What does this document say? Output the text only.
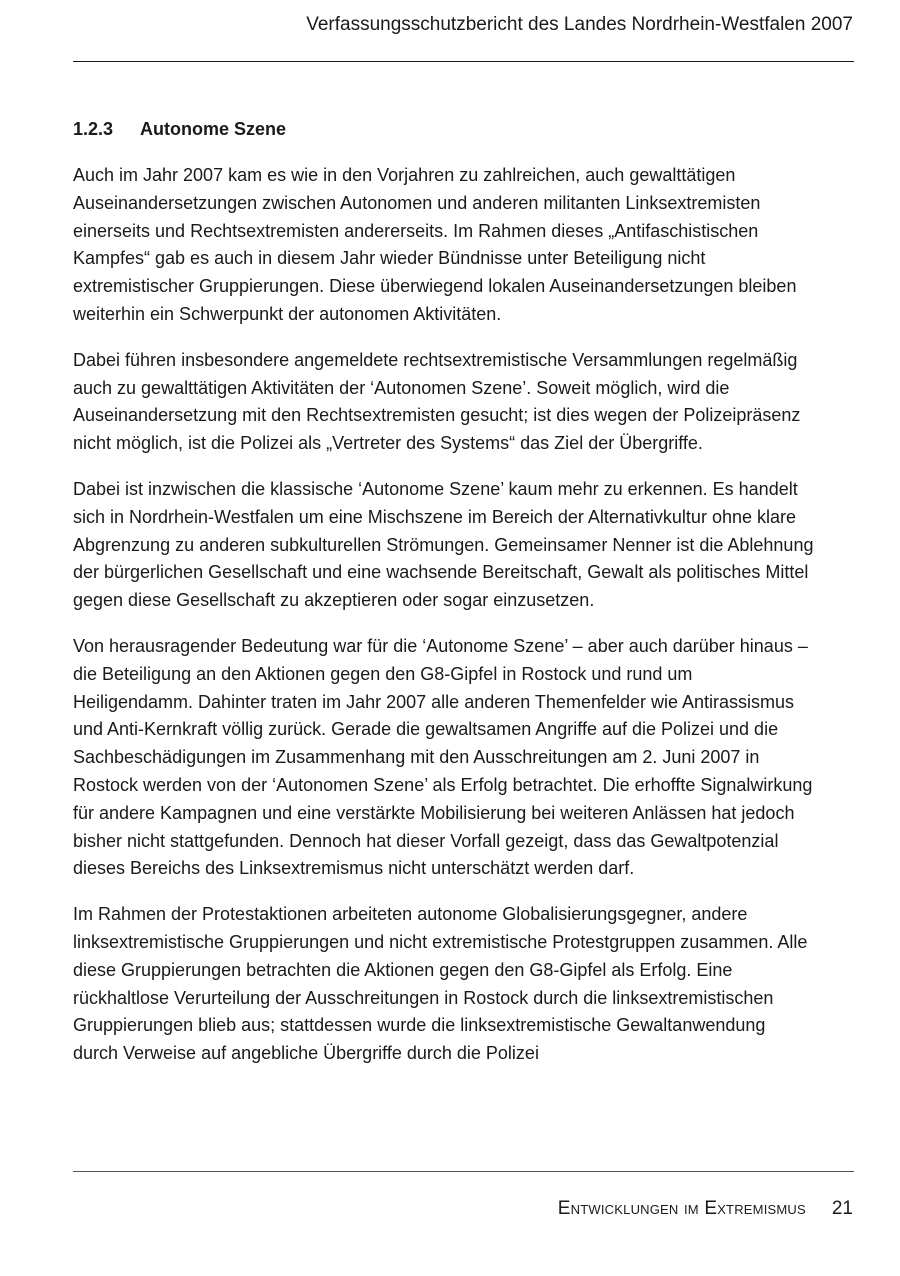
Verfassungsschutzbericht des Landes Nordrhein-Westfalen 2007
1.2.3 Autonome Szene

Auch im Jahr 2007 kam es wie in den Vorjahren zu zahlreichen, auch gewalttätigen Auseinandersetzungen zwischen Autonomen und anderen militanten Linksextremisten einerseits und Rechtsextremisten andererseits. Im Rahmen dieses „Antifaschistischen Kampfes“ gab es auch in diesem Jahr wieder Bündnisse unter Beteiligung nicht extremistischer Gruppierungen. Diese überwiegend lokalen Auseinandersetzungen bleiben weiterhin ein Schwerpunkt der autonomen Aktivitäten.

Dabei führen insbesondere angemeldete rechtsextremistische Versammlungen regelmäßig auch zu gewalttätigen Aktivitäten der ‘Autonomen Szene’. Soweit möglich, wird die Auseinandersetzung mit den Rechtsextremisten gesucht; ist dies wegen der Polizeipräsenz nicht möglich, ist die Polizei als „Vertreter des Systems“ das Ziel der Übergriffe.

Dabei ist inzwischen die klassische ‘Autonome Szene’ kaum mehr zu erkennen. Es handelt sich in Nordrhein-Westfalen um eine Mischszene im Bereich der Alternativkultur ohne klare Abgrenzung zu anderen subkulturellen Strömungen. Gemeinsamer Nenner ist die Ablehnung der bürgerlichen Gesellschaft und eine wachsende Bereitschaft, Gewalt als politisches Mittel gegen diese Gesellschaft zu akzeptieren oder sogar einzusetzen.

Von herausragender Bedeutung war für die ‘Autonome Szene’ – aber auch darüber hinaus – die Beteiligung an den Aktionen gegen den G8-Gipfel in Rostock und rund um Heiligendamm. Dahinter traten im Jahr 2007 alle anderen Themenfelder wie Antirassismus und Anti-Kernkraft völlig zurück. Gerade die gewaltsamen Angriffe auf die Polizei und die Sachbeschädigungen im Zusammenhang mit den Ausschreitungen am 2. Juni 2007 in Rostock werden von der ‘Autonomen Szene’ als Erfolg betrachtet. Die erhoffte Signalwirkung für andere Kampagnen und eine verstärkte Mobilisierung bei weiteren Anlässen hat jedoch bisher nicht stattgefunden. Dennoch hat dieser Vorfall gezeigt, dass das Gewaltpotenzial dieses Bereichs des Linksextremismus nicht unterschätzt werden darf.

Im Rahmen der Protestaktionen arbeiteten autonome Globalisierungsgegner, andere linksextremistische Gruppierungen und nicht extremistische Protestgruppen zusammen. Alle diese Gruppierungen betrachten die Aktionen gegen den G8-Gipfel als Erfolg. Eine rückhaltlose Verurteilung der Ausschreitungen in Rostock durch die linksextremistischen Gruppierungen blieb aus; stattdessen wurde die linksextremistische Gewaltanwendung durch Verweise auf angebliche Übergriffe durch die Polizei

Entwicklungen im Extremismus 21
